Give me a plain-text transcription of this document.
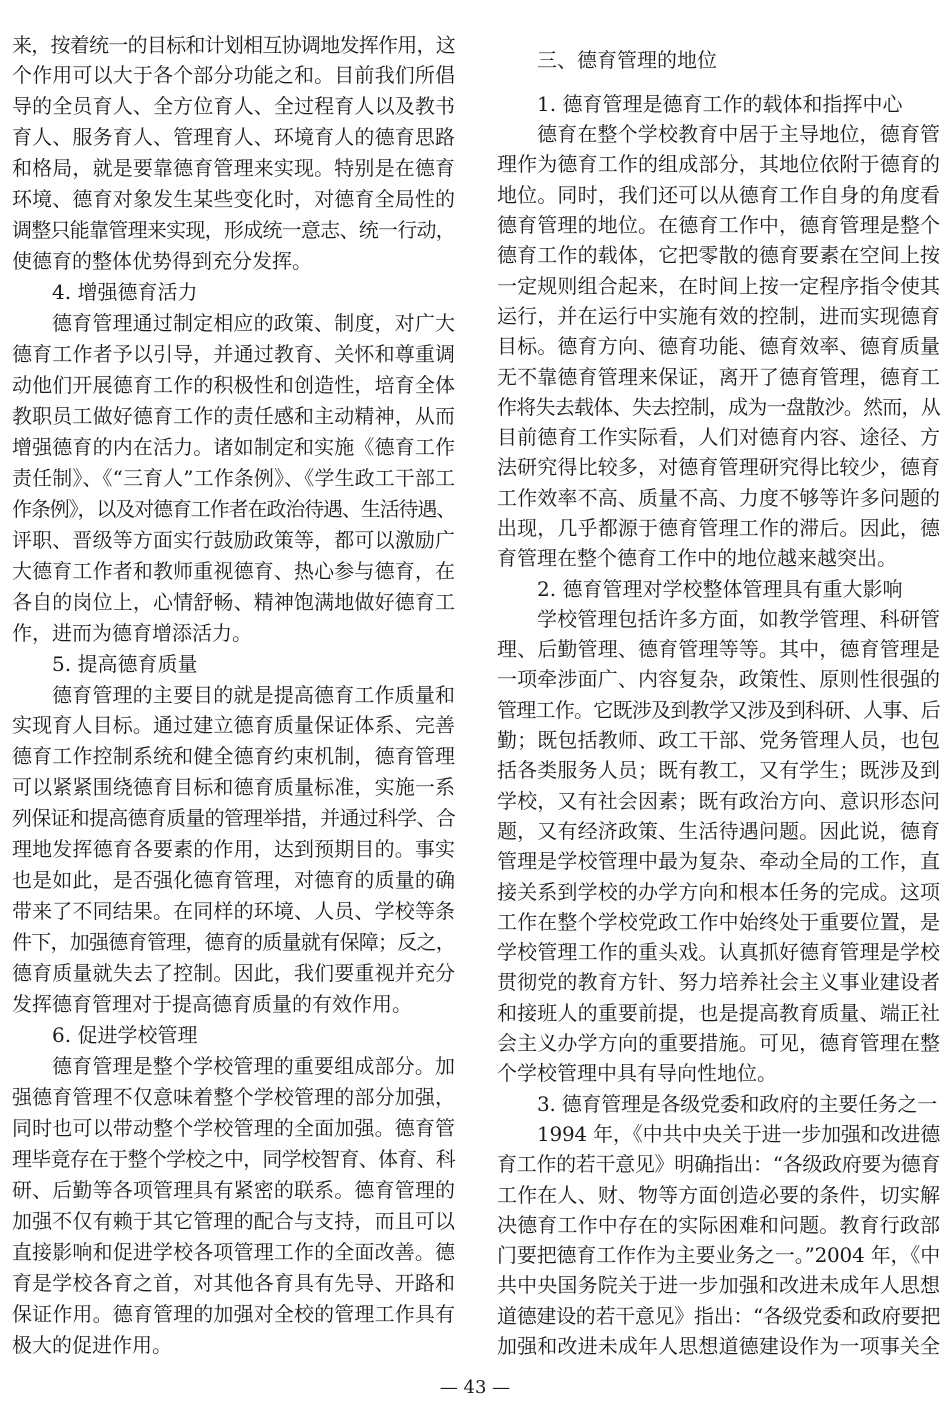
来，按着统一的目标和计划相互协调地发挥作用，这
个作用可以大于各个部分功能之和。目前我们所倡
导的全员育人、全方位育人、全过程育人以及教书
育人、服务育人、管理育人、环境育人的德育思路
和格局，就是要靠德育管理来实现。特别是在德育
环境、德育对象发生某些变化时，对德育全局性的
调整只能靠管理来实现，形成统一意志、统一行动，
使德育的整体优势得到充分发挥。
4. 增强德育活力
德育管理通过制定相应的政策、制度，对广大
德育工作者予以引导，并通过教育、关怀和尊重调
动他们开展德育工作的积极性和创造性，培育全体
教职员工做好德育工作的责任感和主动精神，从而
增强德育的内在活力。诸如制定和实施《德育工作
责任制》、《“三育人”工作条例》、《学生政工干部工
作条例》，以及对德育工作者在政治待遇、生活待遇、
评职、晋级等方面实行鼓励政策等，都可以激励广
大德育工作者和教师重视德育、热心参与德育，在
各自的岗位上，心情舒畅、精神饱满地做好德育工
作，进而为德育增添活力。
5. 提高德育质量
德育管理的主要目的就是提高德育工作质量和
实现育人目标。通过建立德育质量保证体系、完善
德育工作控制系统和健全德育约束机制，德育管理
可以紧紧围绕德育目标和德育质量标准，实施一系
列保证和提高德育质量的管理举措，并通过科学、合
理地发挥德育各要素的作用，达到预期目的。事实
也是如此，是否强化德育管理，对德育的质量的确
带来了不同结果。在同样的环境、人员、学校等条
件下，加强德育管理，德育的质量就有保障；反之，
德育质量就失去了控制。因此，我们要重视并充分
发挥德育管理对于提高德育质量的有效作用。
6. 促进学校管理
德育管理是整个学校管理的重要组成部分。加
强德育管理不仅意味着整个学校管理的部分加强，
同时也可以带动整个学校管理的全面加强。德育管
理毕竟存在于整个学校之中，同学校智育、体育、科
研、后勤等各项管理具有紧密的联系。德育管理的
加强不仅有赖于其它管理的配合与支持，而且可以
直接影响和促进学校各项管理工作的全面改善。德
育是学校各育之首，对其他各育具有先导、开路和
保证作用。德育管理的加强对全校的管理工作具有
极大的促进作用。
三、德育管理的地位
1. 德育管理是德育工作的载体和指挥中心
德育在整个学校教育中居于主导地位，德育管
理作为德育工作的组成部分，其地位依附于德育的
地位。同时，我们还可以从德育工作自身的角度看
德育管理的地位。在德育工作中，德育管理是整个
德育工作的载体，它把零散的德育要素在空间上按
一定规则组合起来，在时间上按一定程序指令使其
运行，并在运行中实施有效的控制，进而实现德育
目标。德育方向、德育功能、德育效率、德育质量
无不靠德育管理来保证，离开了德育管理，德育工
作将失去载体、失去控制，成为一盘散沙。然而，从
目前德育工作实际看，人们对德育内容、途径、方
法研究得比较多，对德育管理研究得比较少，德育
工作效率不高、质量不高、力度不够等许多问题的
出现，几乎都源于德育管理工作的滞后。因此，德
育管理在整个德育工作中的地位越来越突出。
2. 德育管理对学校整体管理具有重大影响
学校管理包括许多方面，如教学管理、科研管
理、后勤管理、德育管理等等。其中，德育管理是
一项牵涉面广、内容复杂，政策性、原则性很强的
管理工作。它既涉及到教学又涉及到科研、人事、后
勤；既包括教师、政工干部、党务管理人员，也包
括各类服务人员；既有教工，又有学生；既涉及到
学校，又有社会因素；既有政治方向、意识形态问
题，又有经济政策、生活待遇问题。因此说，德育
管理是学校管理中最为复杂、牵动全局的工作，直
接关系到学校的办学方向和根本任务的完成。这项
工作在整个学校党政工作中始终处于重要位置，是
学校管理工作的重头戏。认真抓好德育管理是学校
贯彻党的教育方针、努力培养社会主义事业建设者
和接班人的重要前提，也是提高教育质量、端正社
会主义办学方向的重要措施。可见，德育管理在整
个学校管理中具有导向性地位。
3. 德育管理是各级党委和政府的主要任务之一
1994 年，《中共中央关于进一步加强和改进德
育工作的若干意见》明确指出：“各级政府要为德育
工作在人、财、物等方面创造必要的条件，切实解
决德育工作中存在的实际困难和问题。教育行政部
门要把德育工作作为主要业务之一。”2004 年，《中
共中央国务院关于进一步加强和改进未成年人思想
道德建设的若干意见》指出：“各级党委和政府要把
加强和改进未成年人思想道德建设作为一项事关全
— 43 —
